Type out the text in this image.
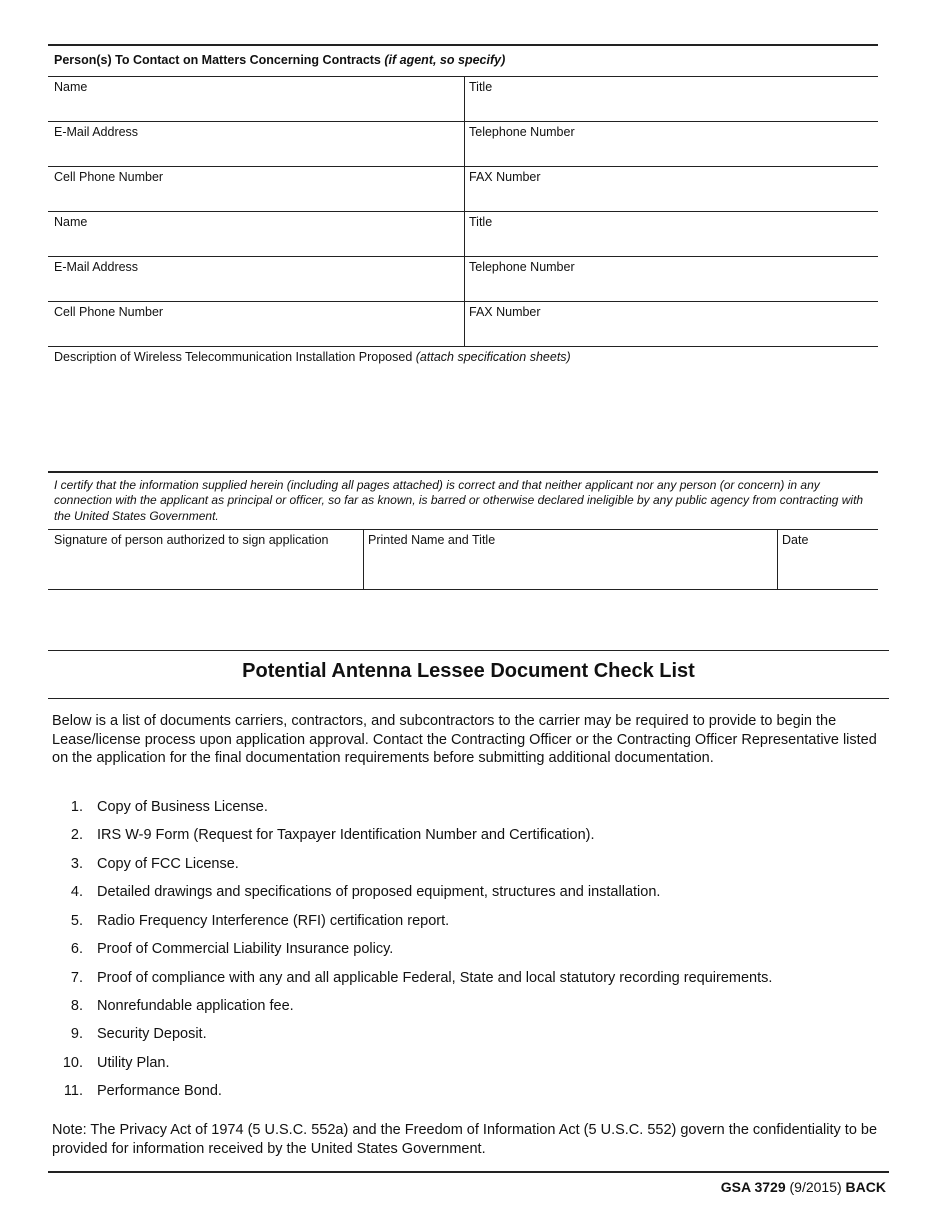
Person(s) To Contact on Matters Concerning Contracts (if agent, so specify)
Name	Title
E-Mail Address	Telephone Number
Cell Phone Number	FAX Number
Name	Title
E-Mail Address	Telephone Number
Cell Phone Number	FAX Number
Description of Wireless Telecommunication Installation Proposed (attach specification sheets)
I certify that the information supplied herein (including all pages attached) is correct and that neither applicant nor any person (or concern) in any connection with the applicant as principal or officer, so far as known, is barred or otherwise declared ineligible by any public agency from contracting with the United States Government.
Signature of person authorized to sign application	Printed Name and Title	Date
Potential Antenna Lessee Document Check List
Below is a list of documents carriers, contractors, and subcontractors to the carrier may be required to provide to begin the Lease/license process upon application approval. Contact the Contracting Officer or the Contracting Officer Representative listed on the application for the final documentation requirements before submitting additional documentation.
1. Copy of Business License.
2. IRS W-9 Form (Request for Taxpayer Identification Number and Certification).
3. Copy of FCC License.
4. Detailed drawings and specifications of proposed equipment, structures and installation.
5. Radio Frequency Interference (RFI) certification report.
6. Proof of Commercial Liability Insurance policy.
7. Proof of compliance with any and all applicable Federal, State and local statutory recording requirements.
8. Nonrefundable application fee.
9. Security Deposit.
10. Utility Plan.
11. Performance Bond.
Note: The Privacy Act of 1974 (5 U.S.C. 552a) and the Freedom of Information Act (5 U.S.C. 552) govern the confidentiality to be provided for information received by the United States Government.
GSA 3729 (9/2015) BACK
